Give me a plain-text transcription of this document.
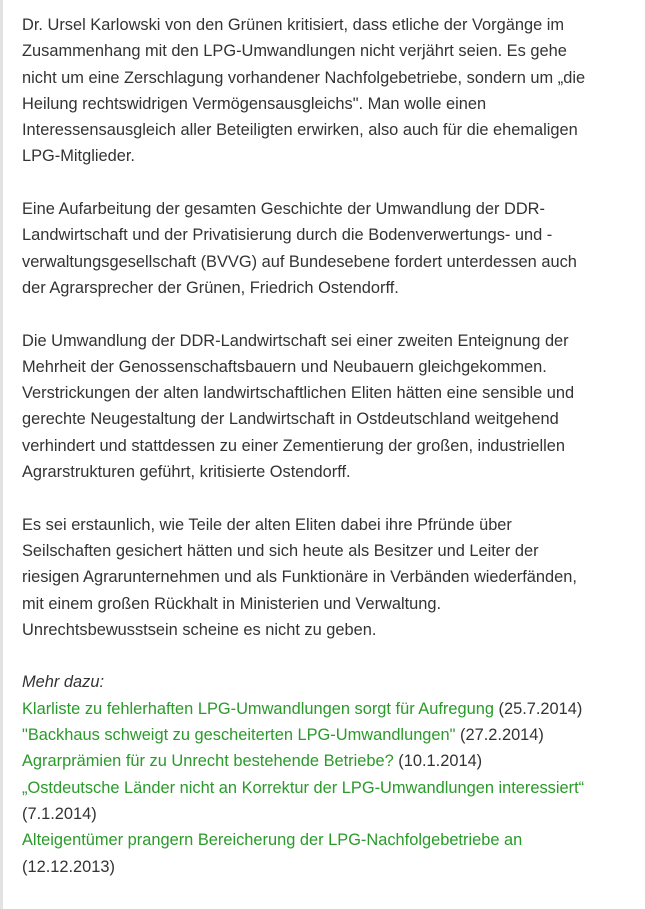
Dr. Ursel Karlowski von den Grünen kritisiert, dass etliche der Vorgänge im
Zusammenhang mit den LPG-Umwandlungen nicht verjährt seien. Es gehe
nicht um eine Zerschlagung vorhandener Nachfolgebetriebe, sondern um „die
Heilung rechtswidrigen Vermögensausgleichs". Man wolle einen
Interessensausgleich aller Beteiligten erwirken, also auch für die ehemaligen
LPG-Mitglieder.
Eine Aufarbeitung der gesamten Geschichte der Umwandlung der DDR-
Landwirtschaft und der Privatisierung durch die Bodenverwertungs- und -
verwaltungsgesellschaft (BVVG) auf Bundesebene fordert unterdessen auch
der Agrarsprecher der Grünen, Friedrich Ostendorff.
Die Umwandlung der DDR-Landwirtschaft sei einer zweiten Enteignung der
Mehrheit der Genossenschaftsbauern und Neubauern gleichgekommen.
Verstrickungen der alten landwirtschaftlichen Eliten hätten eine sensible und
gerechte Neugestaltung der Landwirtschaft in Ostdeutschland weitgehend
verhindert und stattdessen zu einer Zementierung der großen, industriellen
Agrarstrukturen geführt, kritisierte Ostendorff.
Es sei erstaunlich, wie Teile der alten Eliten dabei ihre Pfründe über
Seilschaften gesichert hätten und sich heute als Besitzer und Leiter der
riesigen Agrarunternehmen und als Funktionäre in Verbänden wiederfänden,
mit einem großen Rückhalt in Ministerien und Verwaltung.
Unrechtsbewusstsein scheine es nicht zu geben.
Mehr dazu:
Klarliste zu fehlerhaften LPG-Umwandlungen sorgt für Aufregung (25.7.2014)
"Backhaus schweigt zu gescheiterten LPG-Umwandlungen" (27.2.2014)
Agrarprämien für zu Unrecht bestehende Betriebe? (10.1.2014)
„Ostdeutsche Länder nicht an Korrektur der LPG-Umwandlungen interessiert“
(7.1.2014)
Alteigentümer prangern Bereicherung der LPG-Nachfolgebetriebe an
(12.12.2013)
